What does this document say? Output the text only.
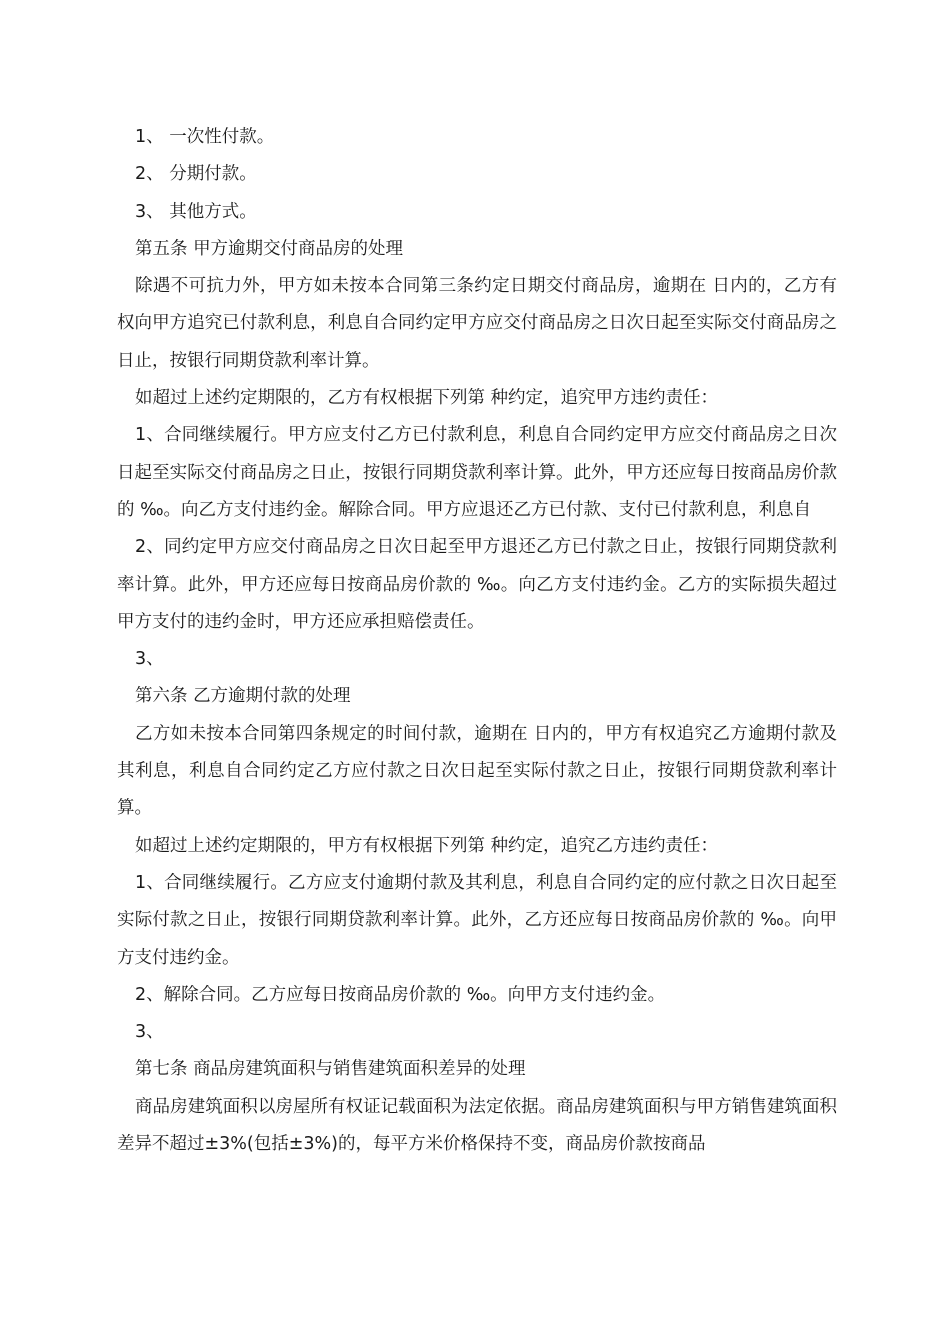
1、 一次性付款。

2、 分期付款。

3、 其他方式。

第五条 甲方逾期交付商品房的处理

除遇不可抗力外，甲方如未按本合同第三条约定日期交付商品房，逾期在 日内的，乙方有权向甲方追究已付款利息，利息自合同约定甲方应交付商品房之日次日起至实际交付商品房之日止，按银行同期贷款利率计算。

如超过上述约定期限的，乙方有权根据下列第 种约定，追究甲方违约责任：

1、合同继续履行。甲方应支付乙方已付款利息，利息自合同约定甲方应交付商品房之日次日起至实际交付商品房之日止，按银行同期贷款利率计算。此外，甲方还应每日按商品房价款的 ‰。向乙方支付违约金。解除合同。甲方应退还乙方已付款、支付已付款利息，利息自

2、同约定甲方应交付商品房之日次日起至甲方退还乙方已付款之日止，按银行同期贷款利率计算。此外，甲方还应每日按商品房价款的 ‰。向乙方支付违约金。乙方的实际损失超过甲方支付的违约金时，甲方还应承担赔偿责任。

3、

第六条 乙方逾期付款的处理

乙方如未按本合同第四条规定的时间付款，逾期在 日内的，甲方有权追究乙方逾期付款及其利息，利息自合同约定乙方应付款之日次日起至实际付款之日止，按银行同期贷款利率计算。

如超过上述约定期限的，甲方有权根据下列第 种约定，追究乙方违约责任：

1、合同继续履行。乙方应支付逾期付款及其利息，利息自合同约定的应付款之日次日起至实际付款之日止，按银行同期贷款利率计算。此外，乙方还应每日按商品房价款的 ‰。向甲方支付违约金。

2、解除合同。乙方应每日按商品房价款的 ‰。向甲方支付违约金。

3、

第七条 商品房建筑面积与销售建筑面积差异的处理

商品房建筑面积以房屋所有权证记载面积为法定依据。商品房建筑面积与甲方销售建筑面积差异不超过±3%(包括±3%)的，每平方米价格保持不变，商品房价款按商品
